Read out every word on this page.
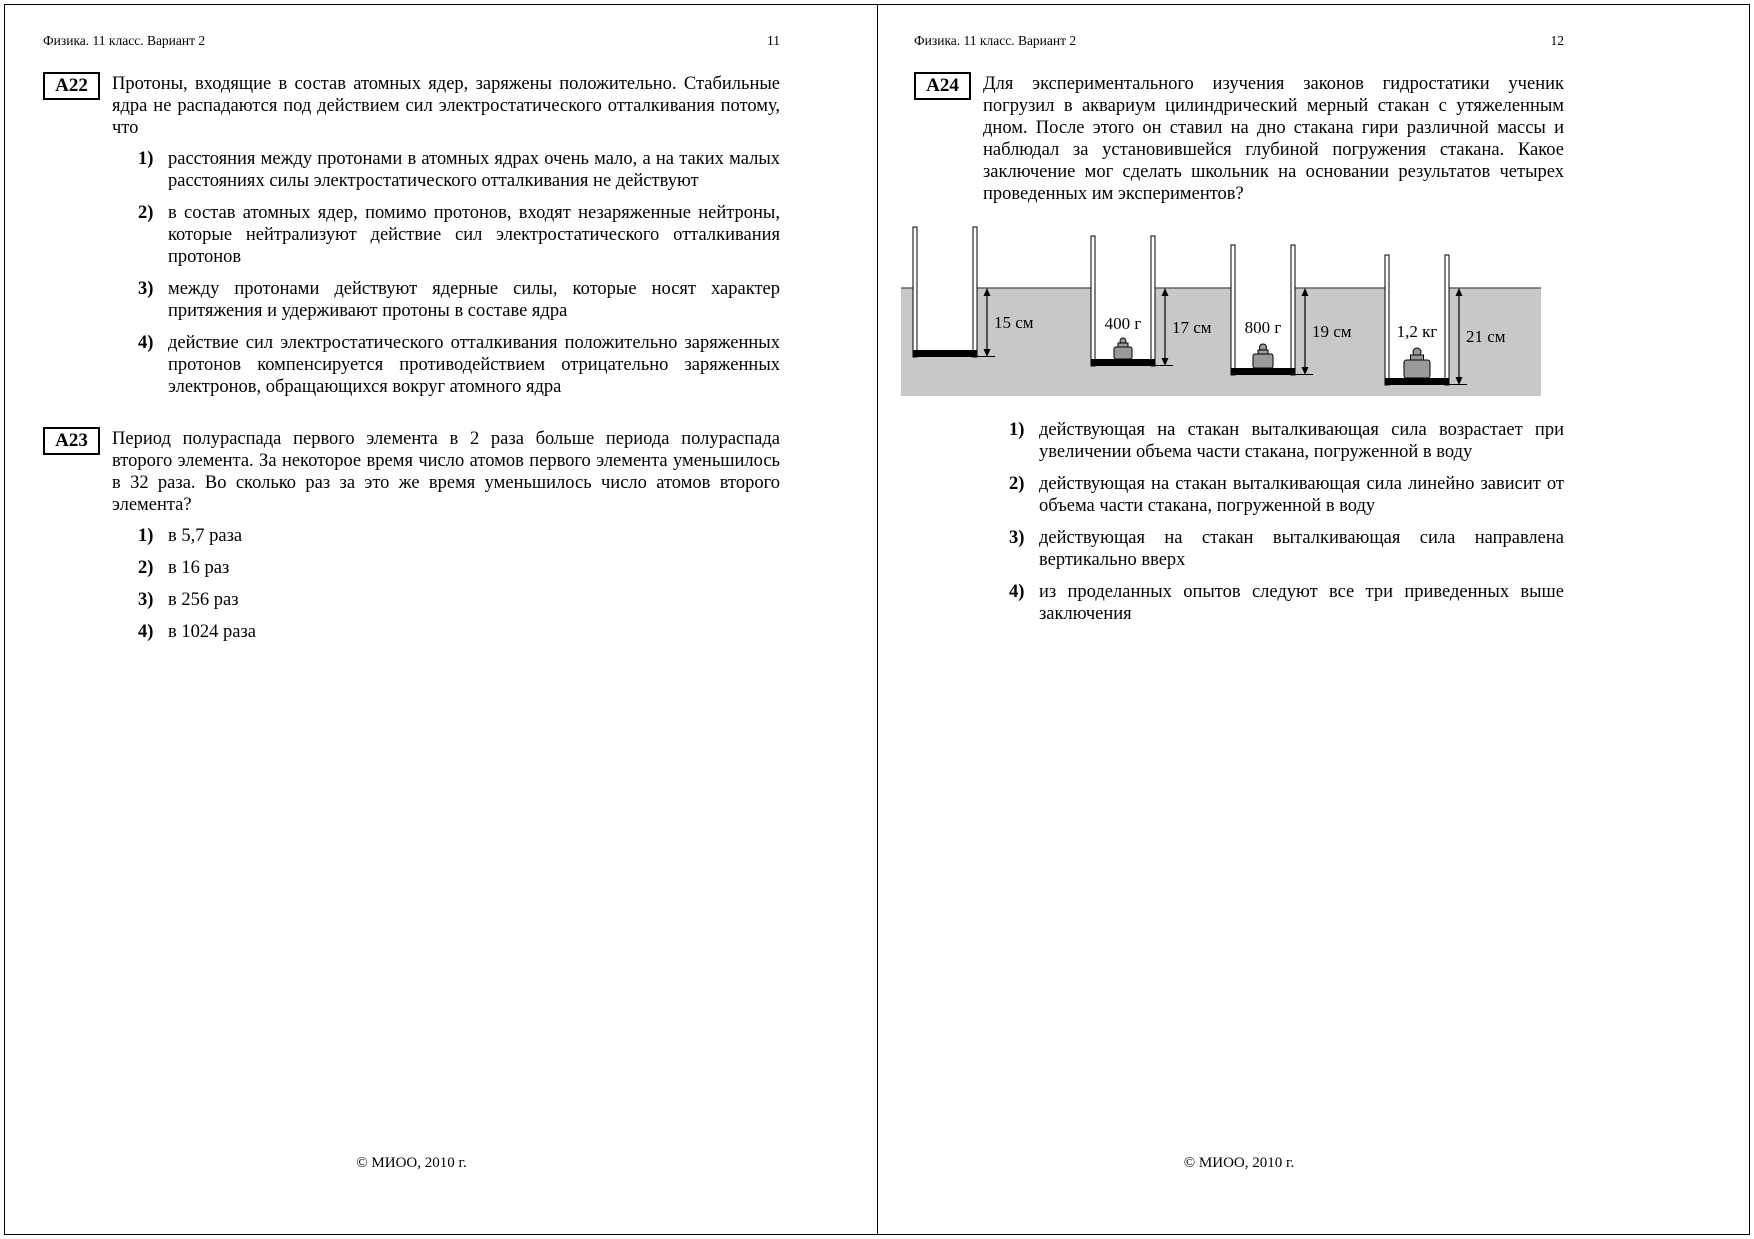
Физика. 11 класс. Вариант 2	11
А22	Протоны, входящие в состав атомных ядер, заряжены положительно. Стабильные ядра не распадаются под действием сил электростатического отталкивания потому, что

1) расстояния между протонами в атомных ядрах очень мало, а на таких малых расстояниях силы электростатического отталкивания не действуют
2) в состав атомных ядер, помимо протонов, входят незаряженные нейтроны, которые нейтрализуют действие сил электростатического отталкивания протонов
3) между протонами действуют ядерные силы, которые носят характер притяжения и удерживают протоны в составе ядра
4) действие сил электростатического отталкивания положительно заряженных протонов компенсируется противодействием отрицательно заряженных электронов, обращающихся вокруг атомного ядра
А23	Период полураспада первого элемента в 2 раза больше периода полураспада второго элемента. За некоторое время число атомов первого элемента уменьшилось в 32 раза. Во сколько раз за это же время уменьшилось число атомов второго элемента?

1) в 5,7 раза
2) в 16 раз
3) в 256 раз
4) в 1024 раза
© МИОО, 2010 г.
Физика. 11 класс. Вариант 2	12
А24	Для экспериментального изучения законов гидростатики ученик погрузил в аквариум цилиндрический мерный стакан с утяжеленным дном. После этого он ставил на дно стакана гири различной массы и наблюдал за установившейся глубиной погружения стакана. Какое заключение мог сделать школьник на основании результатов четырех проведенных им экспериментов?

15 см	400 г 17 см 800 г 19 см	1,2 кг 21 см
1) действующая на стакан выталкивающая сила возрастает при увеличении объема части стакана, погруженной в воду
2) действующая на стакан выталкивающая сила линейно зависит от объема части стакана, погруженной в воду
3) действующая на стакан выталкивающая сила направлена вертикально вверх
4) из проделанных опытов следуют все три приведенных выше заключения
© МИОО, 2010 г.
